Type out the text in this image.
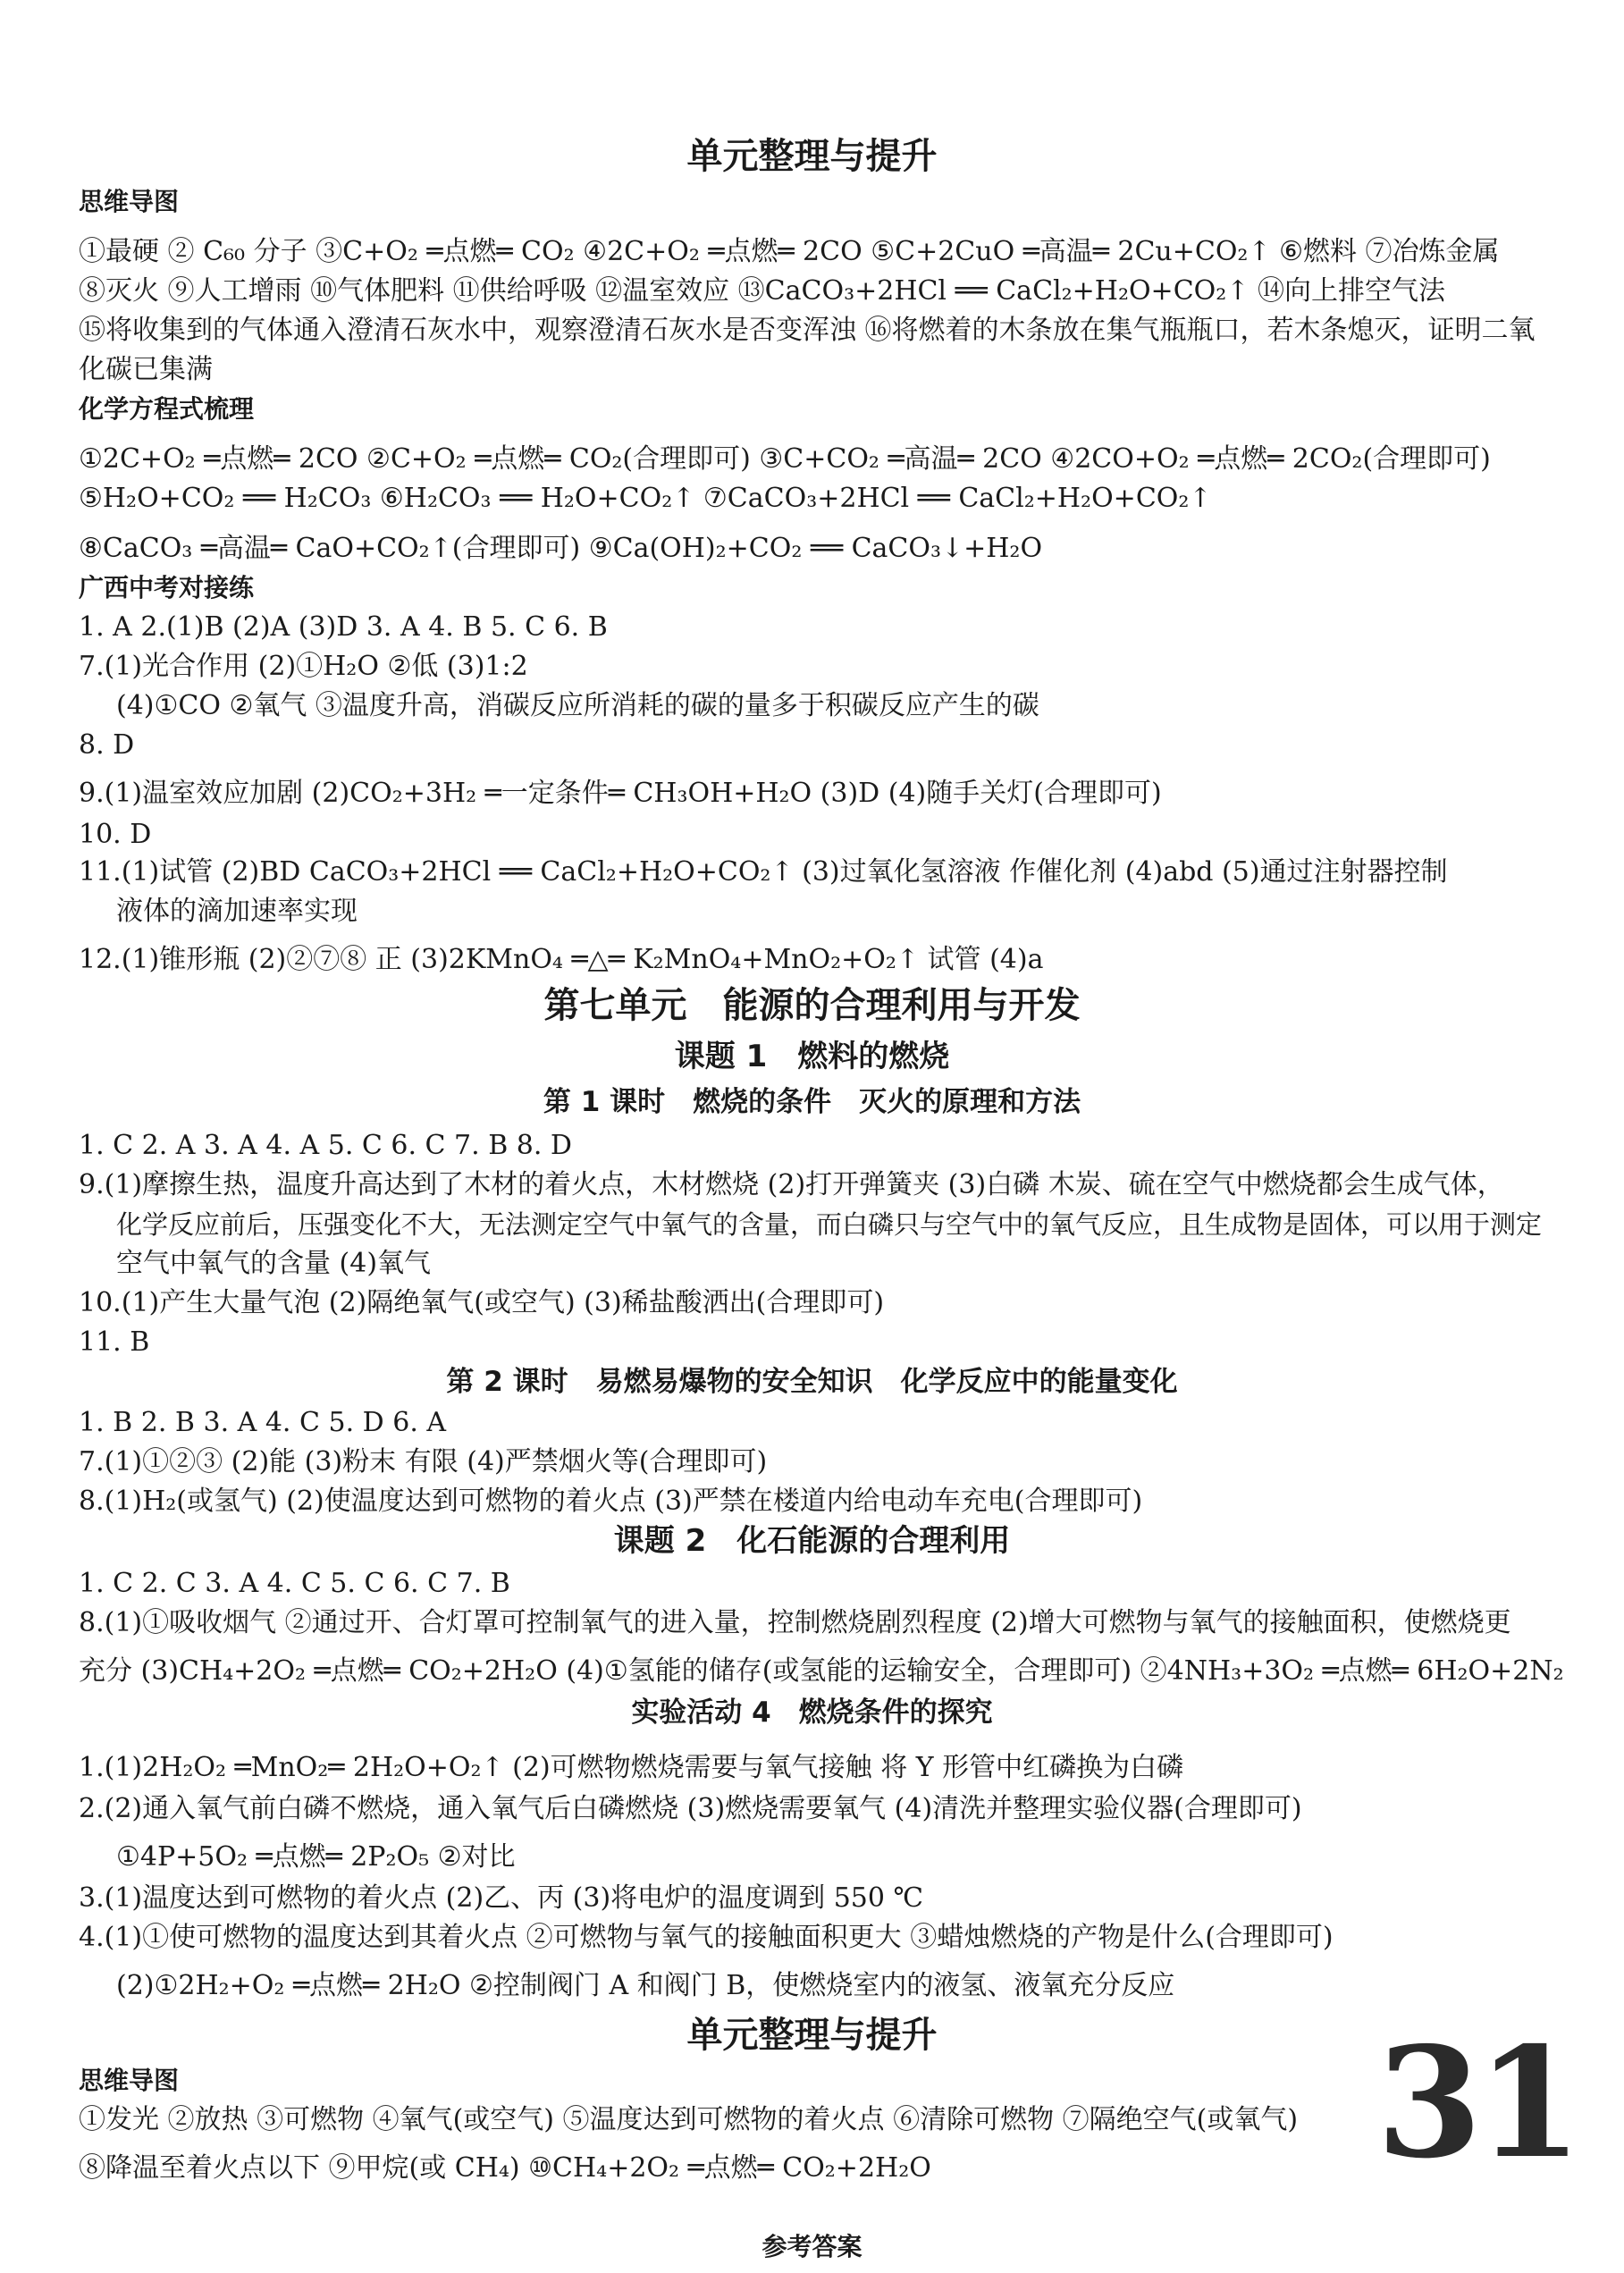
单元整理与提升
思维导图
①最硬 ② C₆₀ 分子 ③C+O₂ ═点燃═ CO₂ ④2C+O₂ ═点燃═ 2CO ⑤C+2CuO ═高温═ 2Cu+CO₂↑ ⑥燃料 ⑦冶炼金属
⑧灭火 ⑨人工增雨 ⑩气体肥料 ⑪供给呼吸 ⑫温室效应 ⑬CaCO₃+2HCl ══ CaCl₂+H₂O+CO₂↑ ⑭向上排空气法
⑮将收集到的气体通入澄清石灰水中，观察澄清石灰水是否变浑浊 ⑯将燃着的木条放在集气瓶瓶口，若木条熄灭，证明二氧
化碳已集满
化学方程式梳理
①2C+O₂ ═点燃═ 2CO ②C+O₂ ═点燃═ CO₂(合理即可) ③C+CO₂ ═高温═ 2CO ④2CO+O₂ ═点燃═ 2CO₂(合理即可)
⑤H₂O+CO₂ ══ H₂CO₃ ⑥H₂CO₃ ══ H₂O+CO₂↑ ⑦CaCO₃+2HCl ══ CaCl₂+H₂O+CO₂↑
⑧CaCO₃ ═高温═ CaO+CO₂↑(合理即可) ⑨Ca(OH)₂+CO₂ ══ CaCO₃↓+H₂O
广西中考对接练
1. A 2.(1)B (2)A (3)D 3. A 4. B 5. C 6. B
7.(1)光合作用 (2)①H₂O ②低 (3)1:2
(4)①CO ②氧气 ③温度升高，消碳反应所消耗的碳的量多于积碳反应产生的碳
8. D
9.(1)温室效应加剧 (2)CO₂+3H₂ ═一定条件═ CH₃OH+H₂O (3)D (4)随手关灯(合理即可)
10. D
11.(1)试管 (2)BD CaCO₃+2HCl ══ CaCl₂+H₂O+CO₂↑ (3)过氧化氢溶液 作催化剂 (4)abd (5)通过注射器控制
液体的滴加速率实现
12.(1)锥形瓶 (2)②⑦⑧ 正 (3)2KMnO₄ ═△═ K₂MnO₄+MnO₂+O₂↑ 试管 (4)a
第七单元　能源的合理利用与开发
课题 1　燃料的燃烧
第 1 课时　燃烧的条件　灭火的原理和方法
1. C 2. A 3. A 4. A 5. C 6. C 7. B 8. D
9.(1)摩擦生热，温度升高达到了木材的着火点，木材燃烧 (2)打开弹簧夹 (3)白磷 木炭、硫在空气中燃烧都会生成气体，
化学反应前后，压强变化不大，无法测定空气中氧气的含量，而白磷只与空气中的氧气反应，且生成物是固体，可以用于测定
空气中氧气的含量 (4)氧气
10.(1)产生大量气泡 (2)隔绝氧气(或空气) (3)稀盐酸洒出(合理即可)
11. B
第 2 课时　易燃易爆物的安全知识　化学反应中的能量变化
1. B 2. B 3. A 4. C 5. D 6. A
7.(1)①②③ (2)能 (3)粉末 有限 (4)严禁烟火等(合理即可)
8.(1)H₂(或氢气) (2)使温度达到可燃物的着火点 (3)严禁在楼道内给电动车充电(合理即可)
课题 2　化石能源的合理利用
1. C 2. C 3. A 4. C 5. C 6. C 7. B
8.(1)①吸收烟气 ②通过开、合灯罩可控制氧气的进入量，控制燃烧剧烈程度 (2)增大可燃物与氧气的接触面积，使燃烧更
充分 (3)CH₄+2O₂ ═点燃═ CO₂+2H₂O (4)①氢能的储存(或氢能的运输安全，合理即可) ②4NH₃+3O₂ ═点燃═ 6H₂O+2N₂
实验活动 4　燃烧条件的探究
1.(1)2H₂O₂ ═MnO₂═ 2H₂O+O₂↑ (2)可燃物燃烧需要与氧气接触 将 Y 形管中红磷换为白磷
2.(2)通入氧气前白磷不燃烧，通入氧气后白磷燃烧 (3)燃烧需要氧气 (4)清洗并整理实验仪器(合理即可)
①4P+5O₂ ═点燃═ 2P₂O₅ ②对比
3.(1)温度达到可燃物的着火点 (2)乙、丙 (3)将电炉的温度调到 550 ℃
4.(1)①使可燃物的温度达到其着火点 ②可燃物与氧气的接触面积更大 ③蜡烛燃烧的产物是什么(合理即可)
(2)①2H₂+O₂ ═点燃═ 2H₂O ②控制阀门 A 和阀门 B，使燃烧室内的液氢、液氧充分反应
单元整理与提升
思维导图
①发光 ②放热 ③可燃物 ④氧气(或空气) ⑤温度达到可燃物的着火点 ⑥清除可燃物 ⑦隔绝空气(或氧气)
⑧降温至着火点以下 ⑨甲烷(或 CH₄) ⑩CH₄+2O₂ ═点燃═ CO₂+2H₂O	31
参考答案
